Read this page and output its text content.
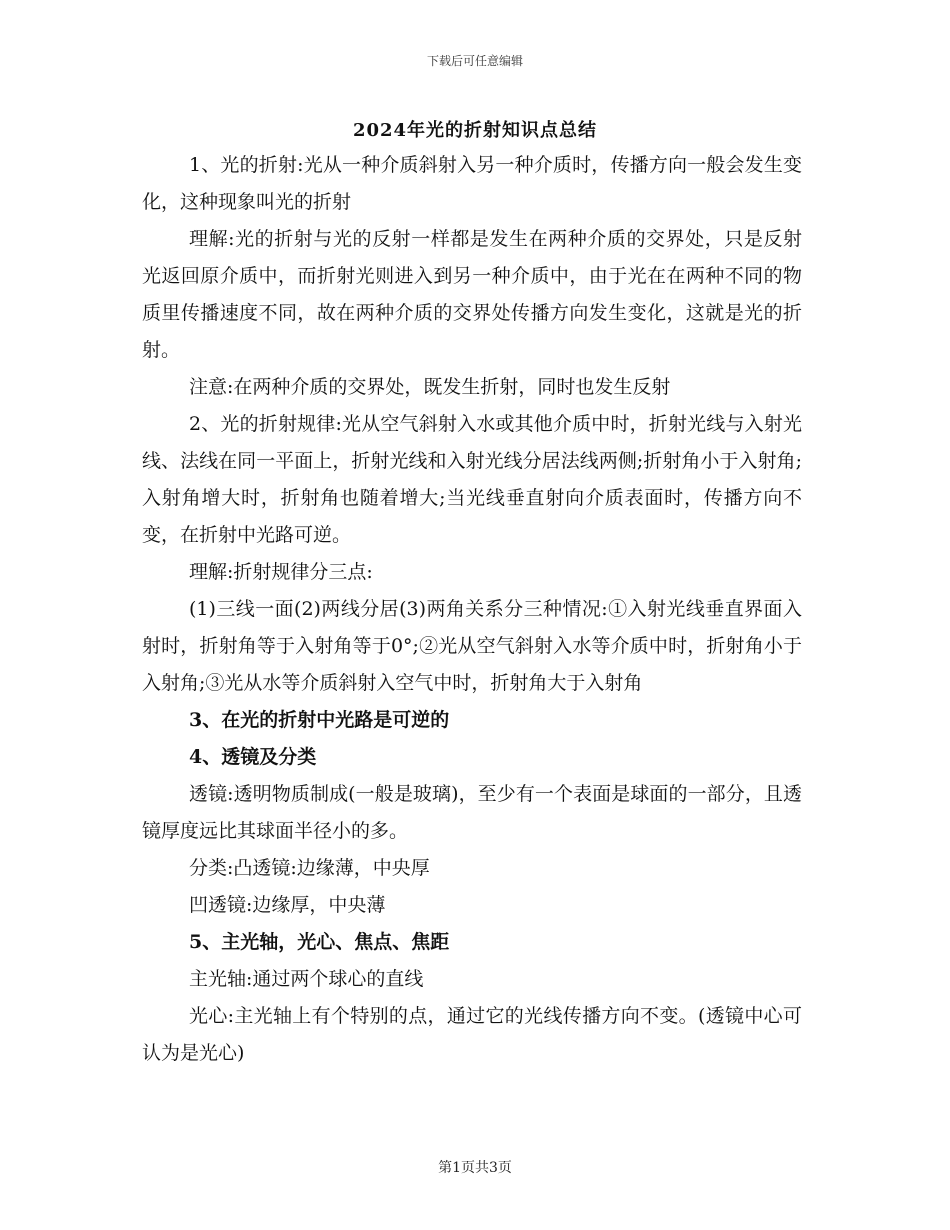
下载后可任意编辑
2024年光的折射知识点总结

1、光的折射:光从一种介质斜射入另一种介质时，传播方向一般会发生变化，这种现象叫光的折射

理解:光的折射与光的反射一样都是发生在两种介质的交界处，只是反射光返回原介质中，而折射光则进入到另一种介质中，由于光在在两种不同的物质里传播速度不同，故在两种介质的交界处传播方向发生变化，这就是光的折射。

注意:在两种介质的交界处，既发生折射，同时也发生反射

2、光的折射规律:光从空气斜射入水或其他介质中时，折射光线与入射光线、法线在同一平面上，折射光线和入射光线分居法线两侧;折射角小于入射角;入射角增大时，折射角也随着增大;当光线垂直射向介质表面时，传播方向不变，在折射中光路可逆。

理解:折射规律分三点:

(1)三线一面(2)两线分居(3)两角关系分三种情况:①入射光线垂直界面入射时，折射角等于入射角等于0°;②光从空气斜射入水等介质中时，折射角小于入射角;③光从水等介质斜射入空气中时，折射角大于入射角

3、在光的折射中光路是可逆的

4、透镜及分类

透镜:透明物质制成(一般是玻璃)，至少有一个表面是球面的一部分，且透镜厚度远比其球面半径小的多。

分类:凸透镜:边缘薄，中央厚

凹透镜:边缘厚，中央薄

5、主光轴，光心、焦点、焦距

主光轴:通过两个球心的直线

光心:主光轴上有个特别的点，通过它的光线传播方向不变。(透镜中心可认为是光心)

第1页共3页
